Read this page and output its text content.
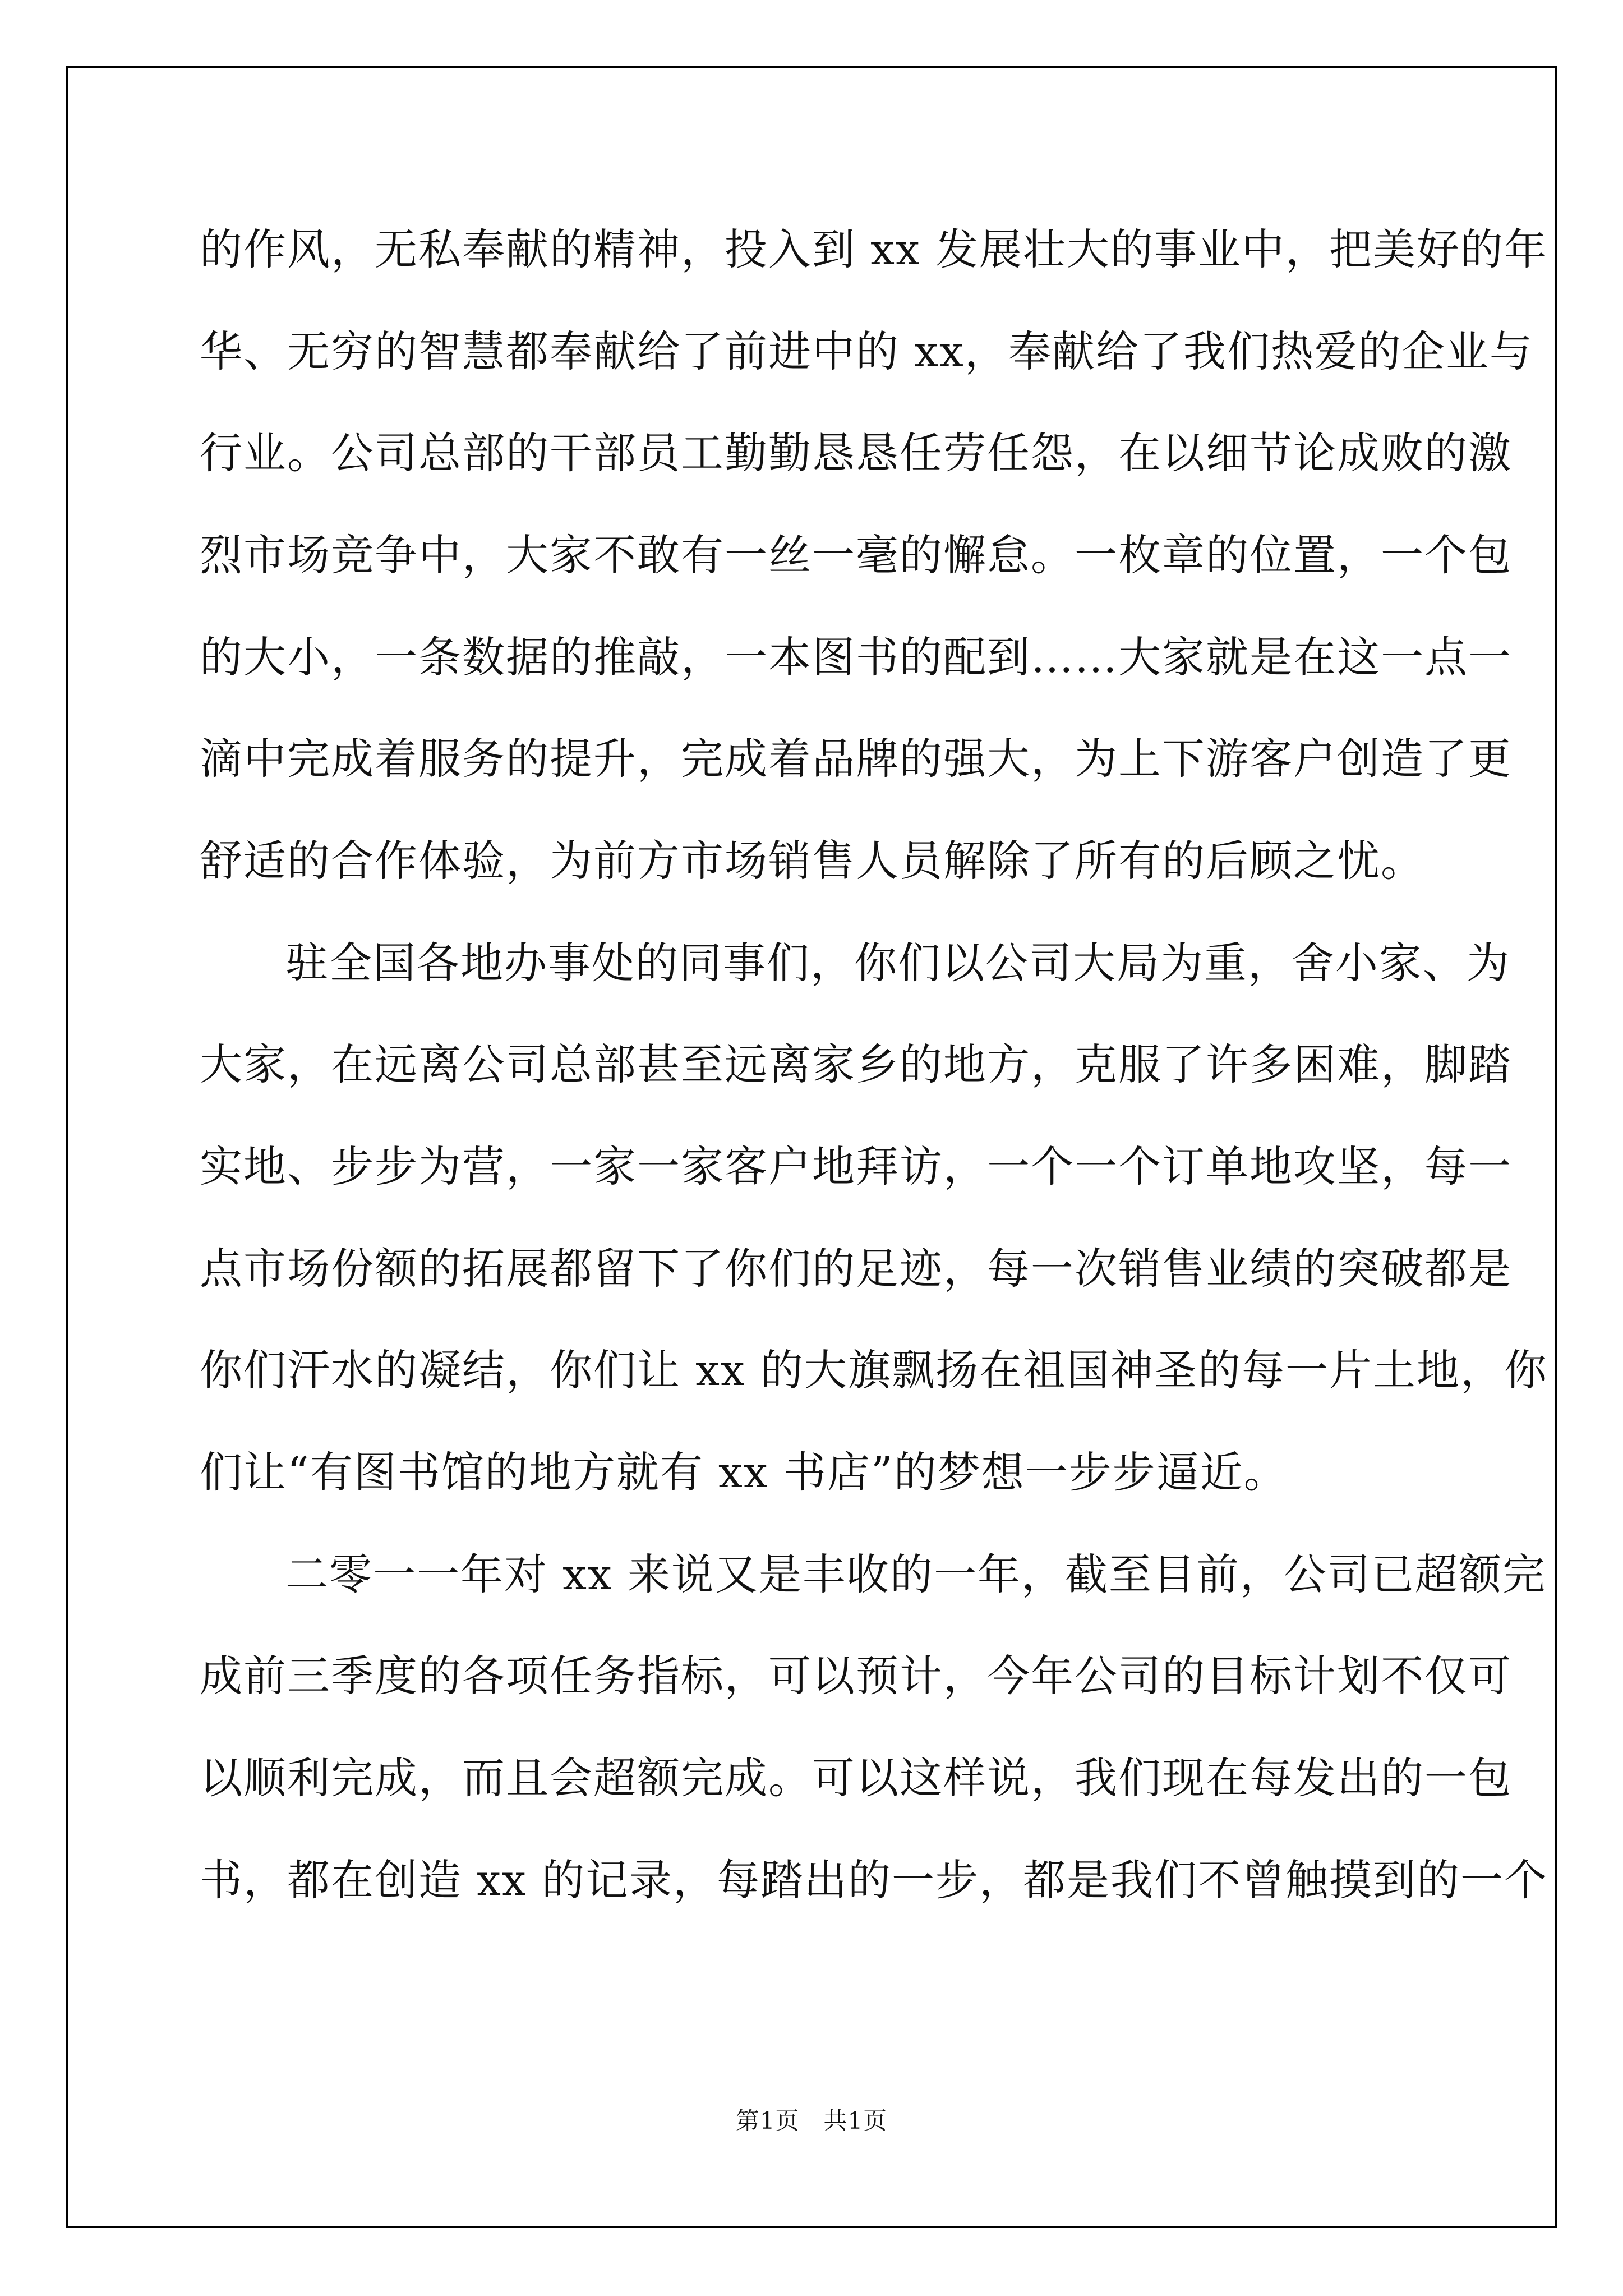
的作风，无私奉献的精神，投入到 xx 发展壮大的事业中，把美好的年
华、无穷的智慧都奉献给了前进中的 xx，奉献给了我们热爱的企业与
行业。公司总部的干部员工勤勤恳恳任劳任怨，在以细节论成败的激
烈市场竞争中，大家不敢有一丝一毫的懈怠。一枚章的位置，一个包
的大小，一条数据的推敲，一本图书的配到……大家就是在这一点一
滴中完成着服务的提升，完成着品牌的强大，为上下游客户创造了更
舒适的合作体验，为前方市场销售人员解除了所有的后顾之忧。
驻全国各地办事处的同事们，你们以公司大局为重，舍小家、为
大家，在远离公司总部甚至远离家乡的地方，克服了许多困难，脚踏
实地、步步为营，一家一家客户地拜访，一个一个订单地攻坚，每一
点市场份额的拓展都留下了你们的足迹，每一次销售业绩的突破都是
你们汗水的凝结，你们让 xx 的大旗飘扬在祖国神圣的每一片土地，你
们让“有图书馆的地方就有 xx 书店”的梦想一步步逼近。
二零一一年对 xx 来说又是丰收的一年，截至目前，公司已超额完
成前三季度的各项任务指标，可以预计，今年公司的目标计划不仅可
以顺利完成，而且会超额完成。可以这样说，我们现在每发出的一包
书，都在创造 xx 的记录，每踏出的一步，都是我们不曾触摸到的一个
第1页　共1页
